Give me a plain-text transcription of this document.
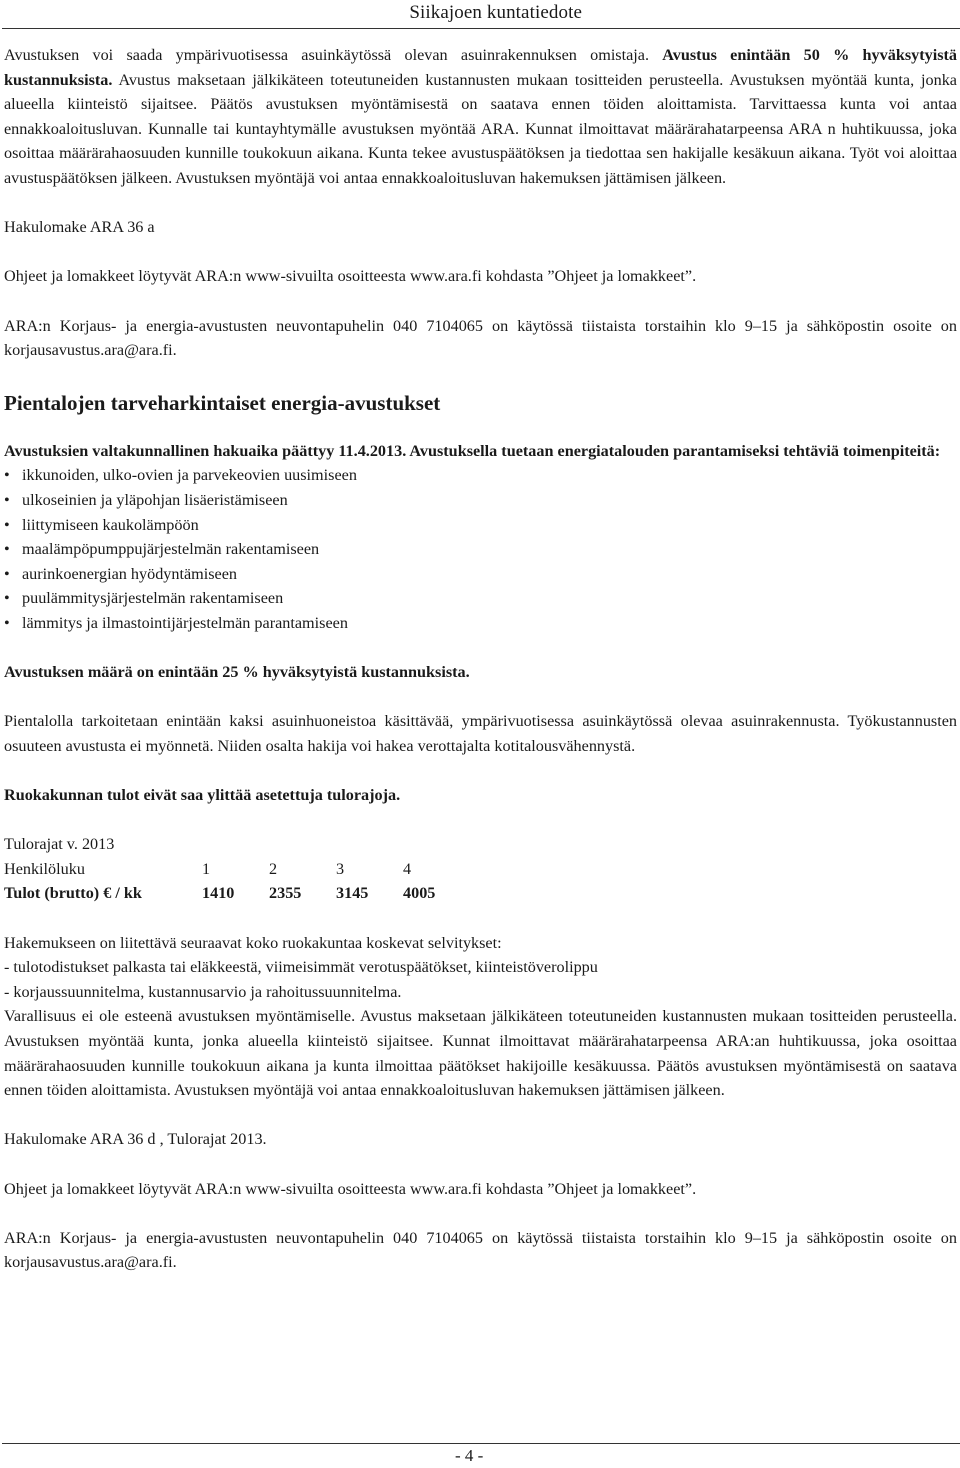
Siikajoen kuntatiedote

Avustuksen voi saada ympärivuotisessa asuinkäytössä olevan asuinrakennuksen omistaja. Avustus enintään 50 % hyväksytyistä kustannuksista. Avustus maksetaan jälkikäteen toteutuneiden kustannusten mukaan tositteiden perusteella. Avustuksen myöntää kunta, jonka alueella kiinteistö sijaitsee. Päätös avustuksen myöntämisestä on saatava ennen töiden aloittamista. Tarvittaessa kunta voi antaa ennakkoaloitusluvan. Kunnalle tai kuntayhtymälle avustuksen myöntää ARA. Kunnat ilmoittavat määrärahatarpeensa ARA n huhtikuussa, joka osoittaa määrärahaosuuden kunnille toukokuun aikana. Kunta tekee avustuspäätöksen ja tiedottaa sen hakijalle kesäkuun aikana. Työt voi aloittaa avustuspäätöksen jälkeen. Avustuksen myöntäjä voi antaa ennakkoaloitusluvan hakemuksen jättämisen jälkeen.

Hakulomake ARA 36 a

Ohjeet ja lomakkeet löytyvät ARA:n www-sivuilta osoitteesta www.ara.fi kohdasta ”Ohjeet ja lomakkeet”.

ARA:n Korjaus- ja energia-avustusten neuvontapuhelin 040 7104065 on käytössä tiistaista torstaihin klo 9–15 ja sähköpostin osoite on korjausavustus.ara@ara.fi.

Pientalojen tarveharkintaiset energia-avustukset

Avustuksien valtakunnallinen hakuaika päättyy 11.4.2013. Avustuksella tuetaan energiatalouden parantamiseksi tehtäviä toimenpiteitä:

• ikkunoiden, ulko-ovien ja parvekeovien uusimiseen
• ulkoseinien ja yläpohjan lisäeristämiseen
• liittymiseen kaukolämpöön
• maalämpöpumppujärjestelmän rakentamiseen
• aurinkoenergian hyödyntämiseen
• puulämmitysjärjestelmän rakentamiseen
• lämmitys ja ilmastointijärjestelmän parantamiseen

Avustuksen määrä on enintään 25 % hyväksytyistä kustannuksista.

Pientalolla tarkoitetaan enintään kaksi asuinhuoneistoa käsittävää, ympärivuotisessa asuinkäytössä olevaa asuinrakennusta. Työkustannusten osuuteen avustusta ei myönnetä. Niiden osalta hakija voi hakea verottajalta kotitalousvähennystä.

Ruokakunnan tulot eivät saa ylittää asetettuja tulorajoja.

Tulorajat v. 2013

Henkilöluku	1	2	3	4
Tulot (brutto) € / kk	1410	2355	3145	4005

Hakemukseen on liitettävä seuraavat koko ruokakuntaa koskevat selvitykset:

- tulotodistukset palkasta tai eläkkeestä, viimeisimmät verotuspäätökset, kiinteistöverolippu

- korjaussuunnitelma, kustannusarvio ja rahoitussuunnitelma.

Varallisuus ei ole esteenä avustuksen myöntämiselle. Avustus maksetaan jälkikäteen toteutuneiden kustannusten mukaan tositteiden perusteella. Avustuksen myöntää kunta, jonka alueella kiinteistö sijaitsee. Kunnat ilmoittavat määrärahatarpeensa ARA:an huhtikuussa, joka osoittaa määrärahaosuuden kunnille toukokuun aikana ja kunta ilmoittaa päätökset hakijoille kesäkuussa. Päätös avustuksen myöntämisestä on saatava ennen töiden aloittamista. Avustuksen myöntäjä voi antaa ennakkoaloitusluvan hakemuksen jättämisen jälkeen.

Hakulomake ARA 36 d , Tulorajat 2013.

Ohjeet ja lomakkeet löytyvät ARA:n www-sivuilta osoitteesta www.ara.fi kohdasta ”Ohjeet ja lomakkeet”.

ARA:n Korjaus- ja energia-avustusten neuvontapuhelin 040 7104065 on käytössä tiistaista torstaihin klo 9–15 ja sähköpostin osoite on korjausavustus.ara@ara.fi.

- 4 -
